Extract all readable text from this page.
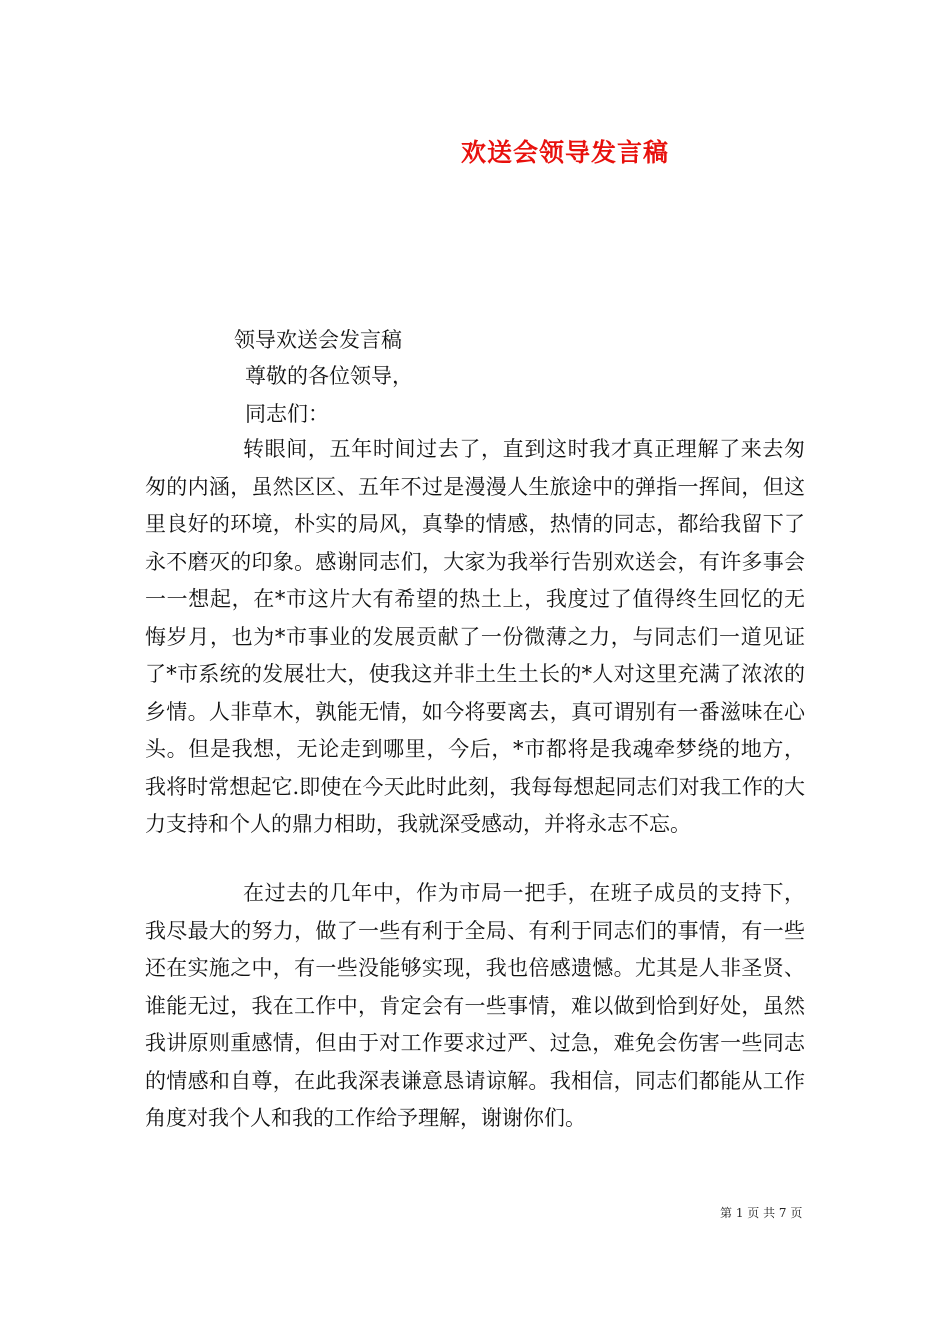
欢送会领导发言稿

领导欢送会发言稿

尊敬的各位领导，

同志们：

转眼间，五年时间过去了，直到这时我才真正理解了来去匆匆的内涵，虽然区区、五年不过是漫漫人生旅途中的弹指一挥间，但这里良好的环境，朴实的局风，真挚的情感，热情的同志，都给我留下了永不磨灭的印象。感谢同志们，大家为我举行告别欢送会，有许多事会一一想起，在*市这片大有希望的热土上，我度过了值得终生回忆的无悔岁月，也为*市事业的发展贡献了一份微薄之力，与同志们一道见证了*市系统的发展壮大，使我这并非土生土长的*人对这里充满了浓浓的乡情。人非草木，孰能无情，如今将要离去，真可谓别有一番滋味在心头。但是我想，无论走到哪里，今后，*市都将是我魂牵梦绕的地方，我将时常想起它.即使在今天此时此刻，我每每想起同志们对我工作的大力支持和个人的鼎力相助，我就深受感动，并将永志不忘。

在过去的几年中，作为市局一把手，在班子成员的支持下，我尽最大的努力，做了一些有利于全局、有利于同志们的事情，有一些还在实施之中，有一些没能够实现，我也倍感遗憾。尤其是人非圣贤、谁能无过，我在工作中，肯定会有一些事情，难以做到恰到好处，虽然我讲原则重感情，但由于对工作要求过严、过急，难免会伤害一些同志的情感和自尊，在此我深表谦意恳请谅解。我相信，同志们都能从工作角度对我个人和我的工作给予理解，谢谢你们。

第 1 页 共 7 页
